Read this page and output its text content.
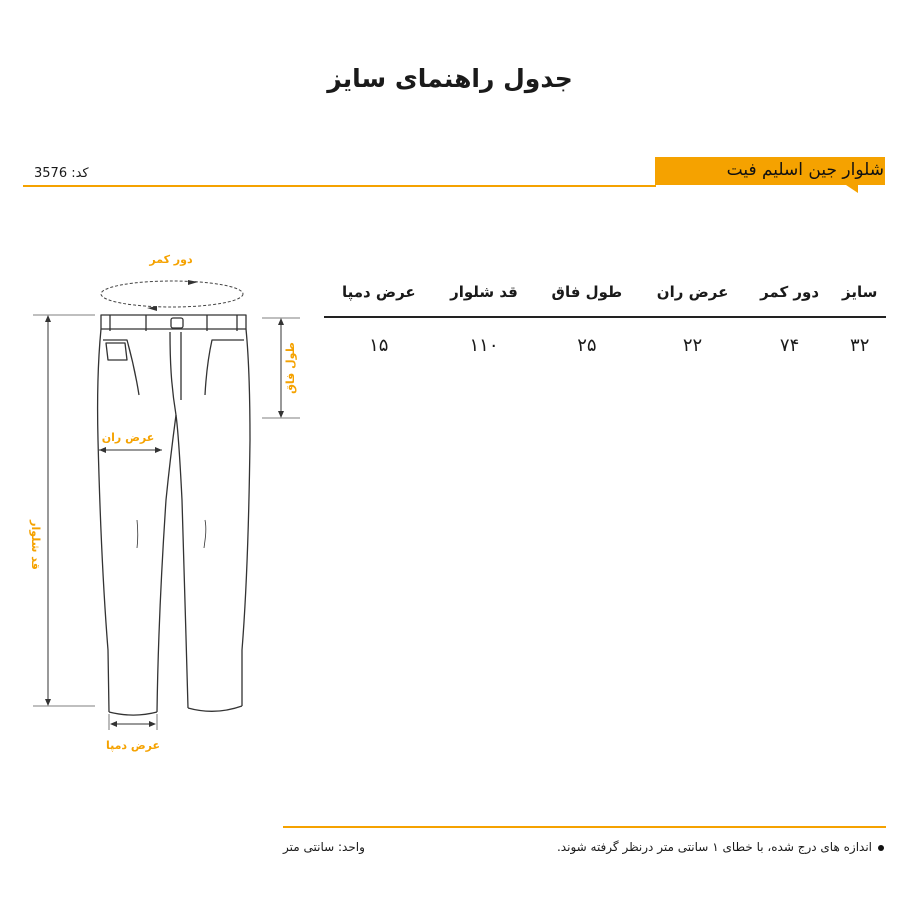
جدول راهنمای سایز
شلوار جین اسلیم فیت
کد: 3576
سایز	دور کمر	عرض ران	طول فاق	قد شلوار	عرض دمپا
۳۲	۷۴	۲۲	۲۵	۱۱۰	۱۵
دور کمر
قد شلوار
طول فاق
عرض ران
عرض دمپا
اندازه های درج شده، با خطای ۱ سانتی متر درنظر گرفته شوند.
واحد: سانتی متر
